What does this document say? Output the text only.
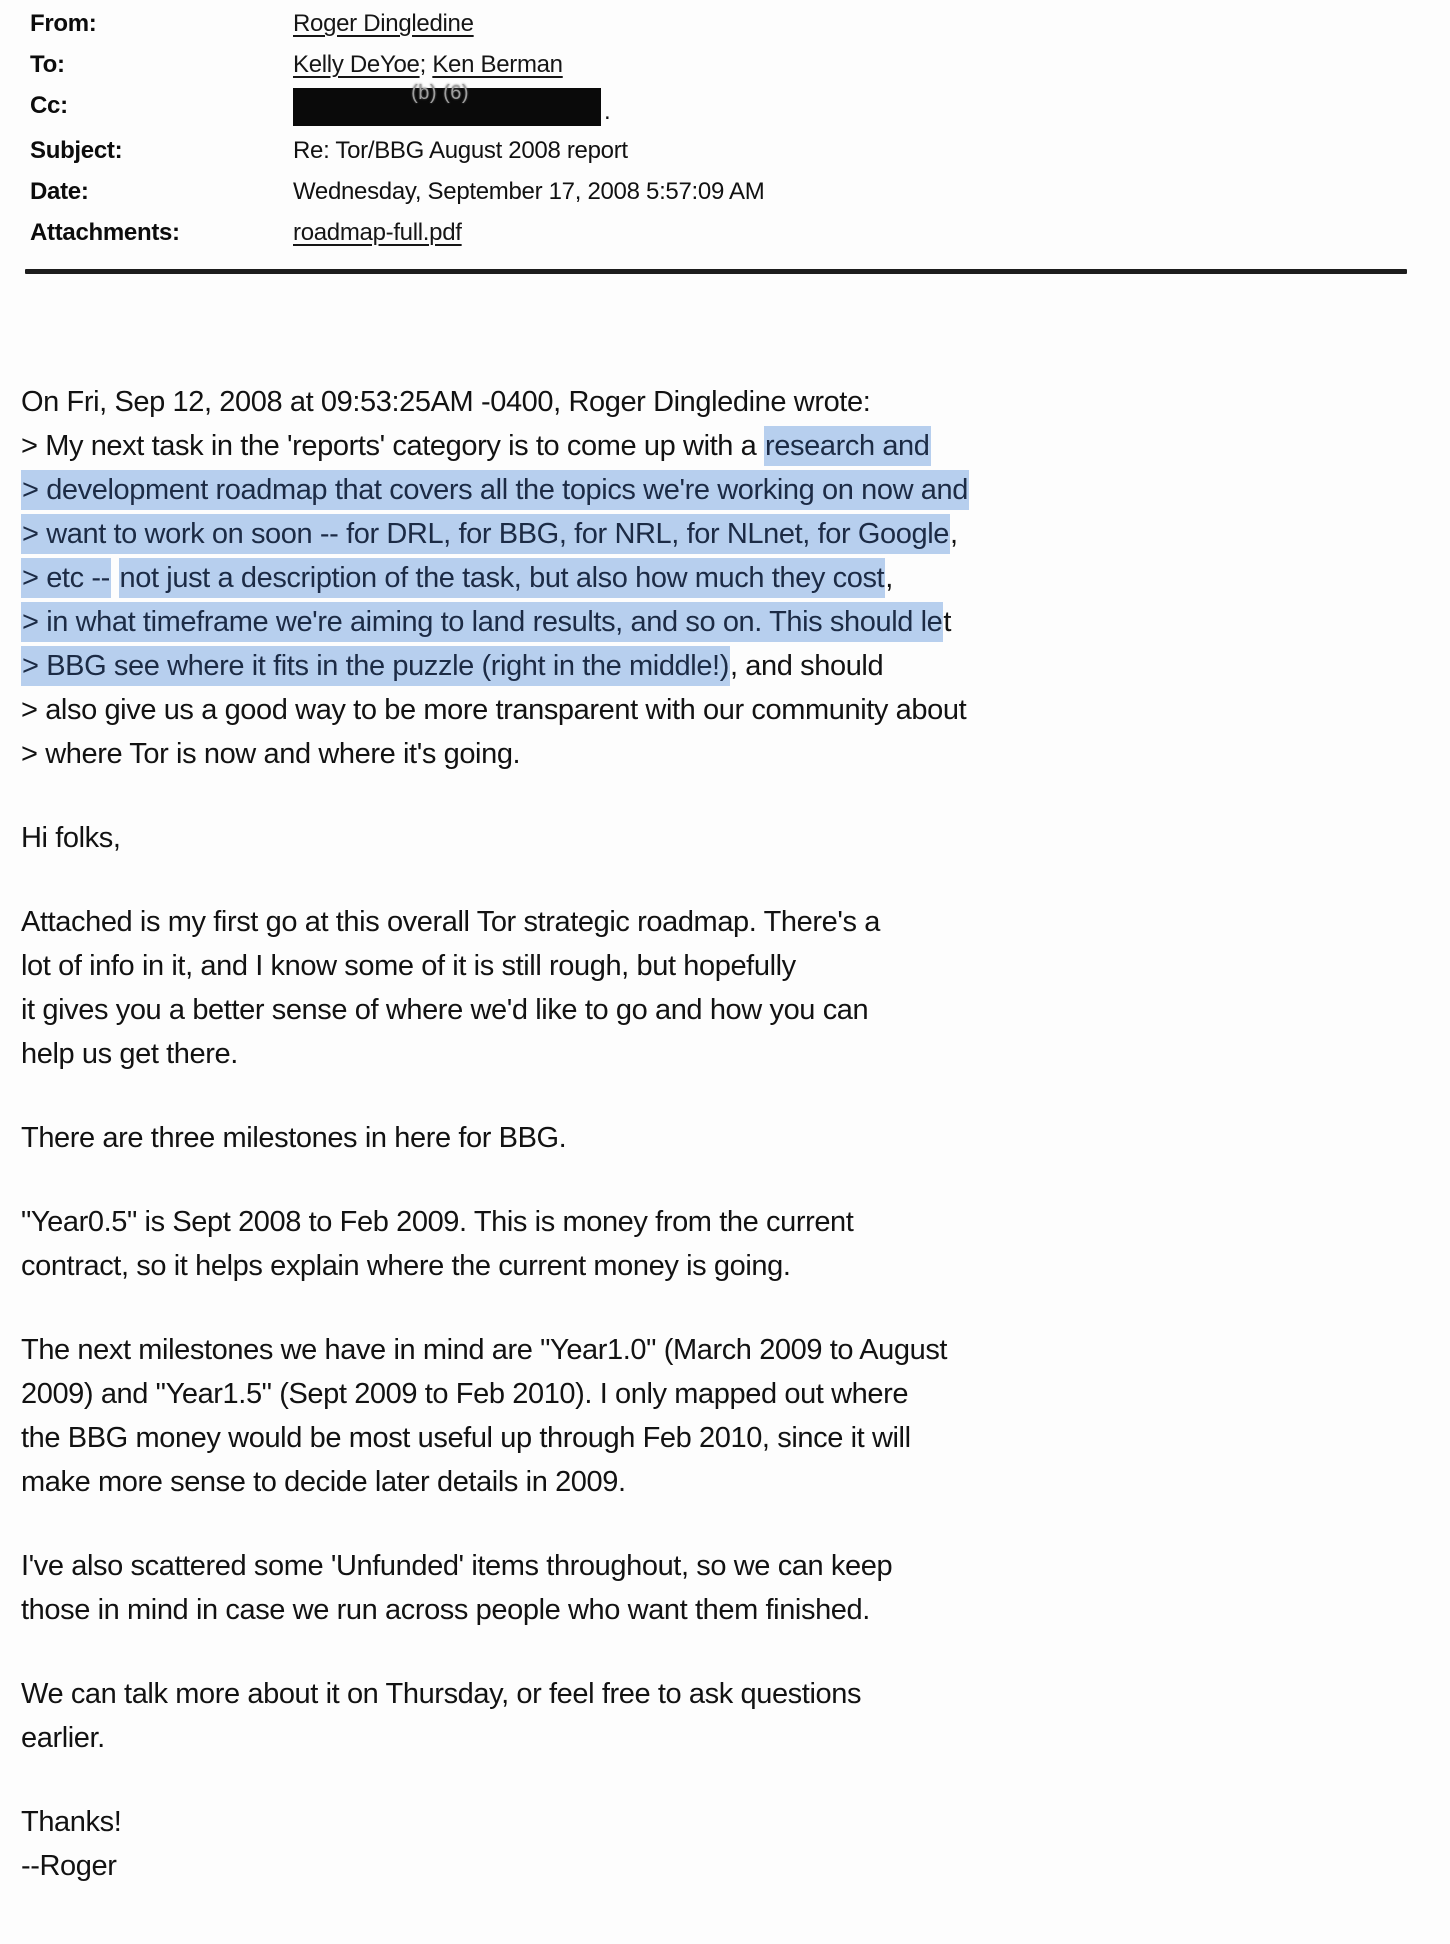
From:	Roger Dingledine
To:	Kelly DeYoe; Ken Berman
Cc:	(b) (6)
.
Subject:	Re: Tor/BBG August 2008 report
Date:	Wednesday, September 17, 2008 5:57:09 AM
Attachments:	roadmap-full.pdf
On Fri, Sep 12, 2008 at 09:53:25AM -0400, Roger Dingledine wrote:
> My next task in the 'reports' category is to come up with a research and
> development roadmap that covers all the topics we're working on now and
> want to work on soon -- for DRL, for BBG, for NRL, for NLnet, for Google,
> etc -- not just a description of the task, but also how much they cost,
> in what timeframe we're aiming to land results, and so on. This should let
> BBG see where it fits in the puzzle (right in the middle!), and should
> also give us a good way to be more transparent with our community about
> where Tor is now and where it's going.
Hi folks,
Attached is my first go at this overall Tor strategic roadmap. There's a
lot of info in it, and I know some of it is still rough, but hopefully
it gives you a better sense of where we'd like to go and how you can
help us get there.
There are three milestones in here for BBG.
"Year0.5" is Sept 2008 to Feb 2009. This is money from the current
contract, so it helps explain where the current money is going.
The next milestones we have in mind are "Year1.0" (March 2009 to August
2009) and "Year1.5" (Sept 2009 to Feb 2010). I only mapped out where
the BBG money would be most useful up through Feb 2010, since it will
make more sense to decide later details in 2009.
I've also scattered some 'Unfunded' items throughout, so we can keep
those in mind in case we run across people who want them finished.
We can talk more about it on Thursday, or feel free to ask questions
earlier.
Thanks!
--Roger
